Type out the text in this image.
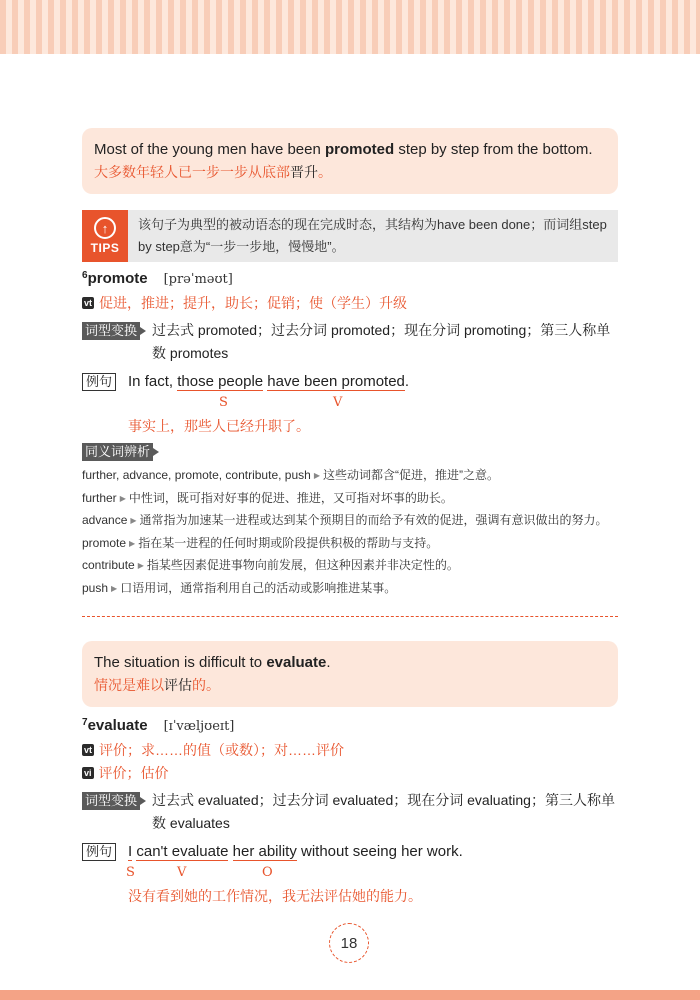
Most of the young men have been promoted step by step from the bottom.
大多数年轻人已一步一步从底部晋升。
↑
TIPS
该句子为典型的被动语态的现在完成时态，其结构为have been done；而词组step by step意为“一步一步地，慢慢地”。
6 promote [prəˈməʊt]
vt 促进，推进；提升，助长；促销；使（学生）升级
词型变换 过去式 promoted；过去分词 promoted；现在分词 promoting；第三人称单数 promotes
例句 In fact, those people have been promoted.
S	V
事实上，那些人已经升职了。
同义词辨析
further, advance, promote, contribute, push ▶ 这些动词都含“促进，推进”之意。
further ▶ 中性词，既可指对好事的促进、推进，又可指对坏事的助长。
advance ▶ 通常指为加速某一进程或达到某个预期目的而给予有效的促进，强调有意识做出的努力。
promote ▶ 指在某一进程的任何时期或阶段提供积极的帮助与支持。
contribute ▶ 指某些因素促进事物向前发展，但这种因素并非决定性的。
push ▶ 口语用词，通常指利用自己的活动或影响推进某事。
The situation is difficult to evaluate.
情况是难以评估的。
7 evaluate [ɪˈvæljʊeɪt]
vt 评价；求……的值（或数）；对……评价
vi 评价；估价
词型变换 过去式 evaluated；过去分词 evaluated；现在分词 evaluating；第三人称单数 evaluates
例句 I can't evaluate her ability without seeing her work.
S	V	O
没有看到她的工作情况，我无法评估她的能力。
18
